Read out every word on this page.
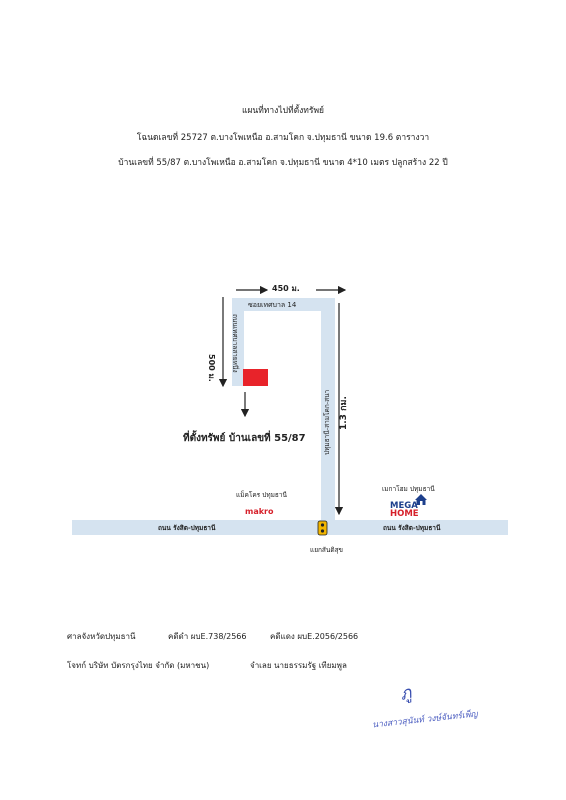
แผนที่ทางไปที่ตั้งทรัพย์
โฉนดเลขที่ 25727 ต.บางโพเหนือ อ.สามโคก จ.ปทุมธานี ขนาด 19.6 ตารางวา
บ้านเลขที่ 55/87 ต.บางโพเหนือ อ.สามโคก จ.ปทุมธานี ขนาด 4*10 เมตร ปลูกสร้าง 22 ปี
450 ม.
ซอยเทศบาล 14
500 ม.	ถนนเทศบาลสายหนึ่ง
ปทุมธานี-สามโคก-สนา 1.3 กม.
ที่ตั้งทรัพย์ บ้านเลขที่ 55/87
แม็คโคร ปทุมธานี
makro
เมกาโฮม ปทุมธานี
MEGA
HOME
ถนน รังสิต-ปทุมธานี	ถนน รังสิต-ปทุมธานี
แยกสันติสุข
ศาลจังหวัดปทุมธานี	คดีดำ ผบE.738/2566	คดีแดง ผบE.2056/2566
โจทก์ บริษัท บัตรกรุงไทย จำกัด (มหาชน)	จำเลย นายธรรมรัฐ เทียมพูล
ภู
นางสาวสุนันท์ วงษ์จันทร์เพ็ญ
